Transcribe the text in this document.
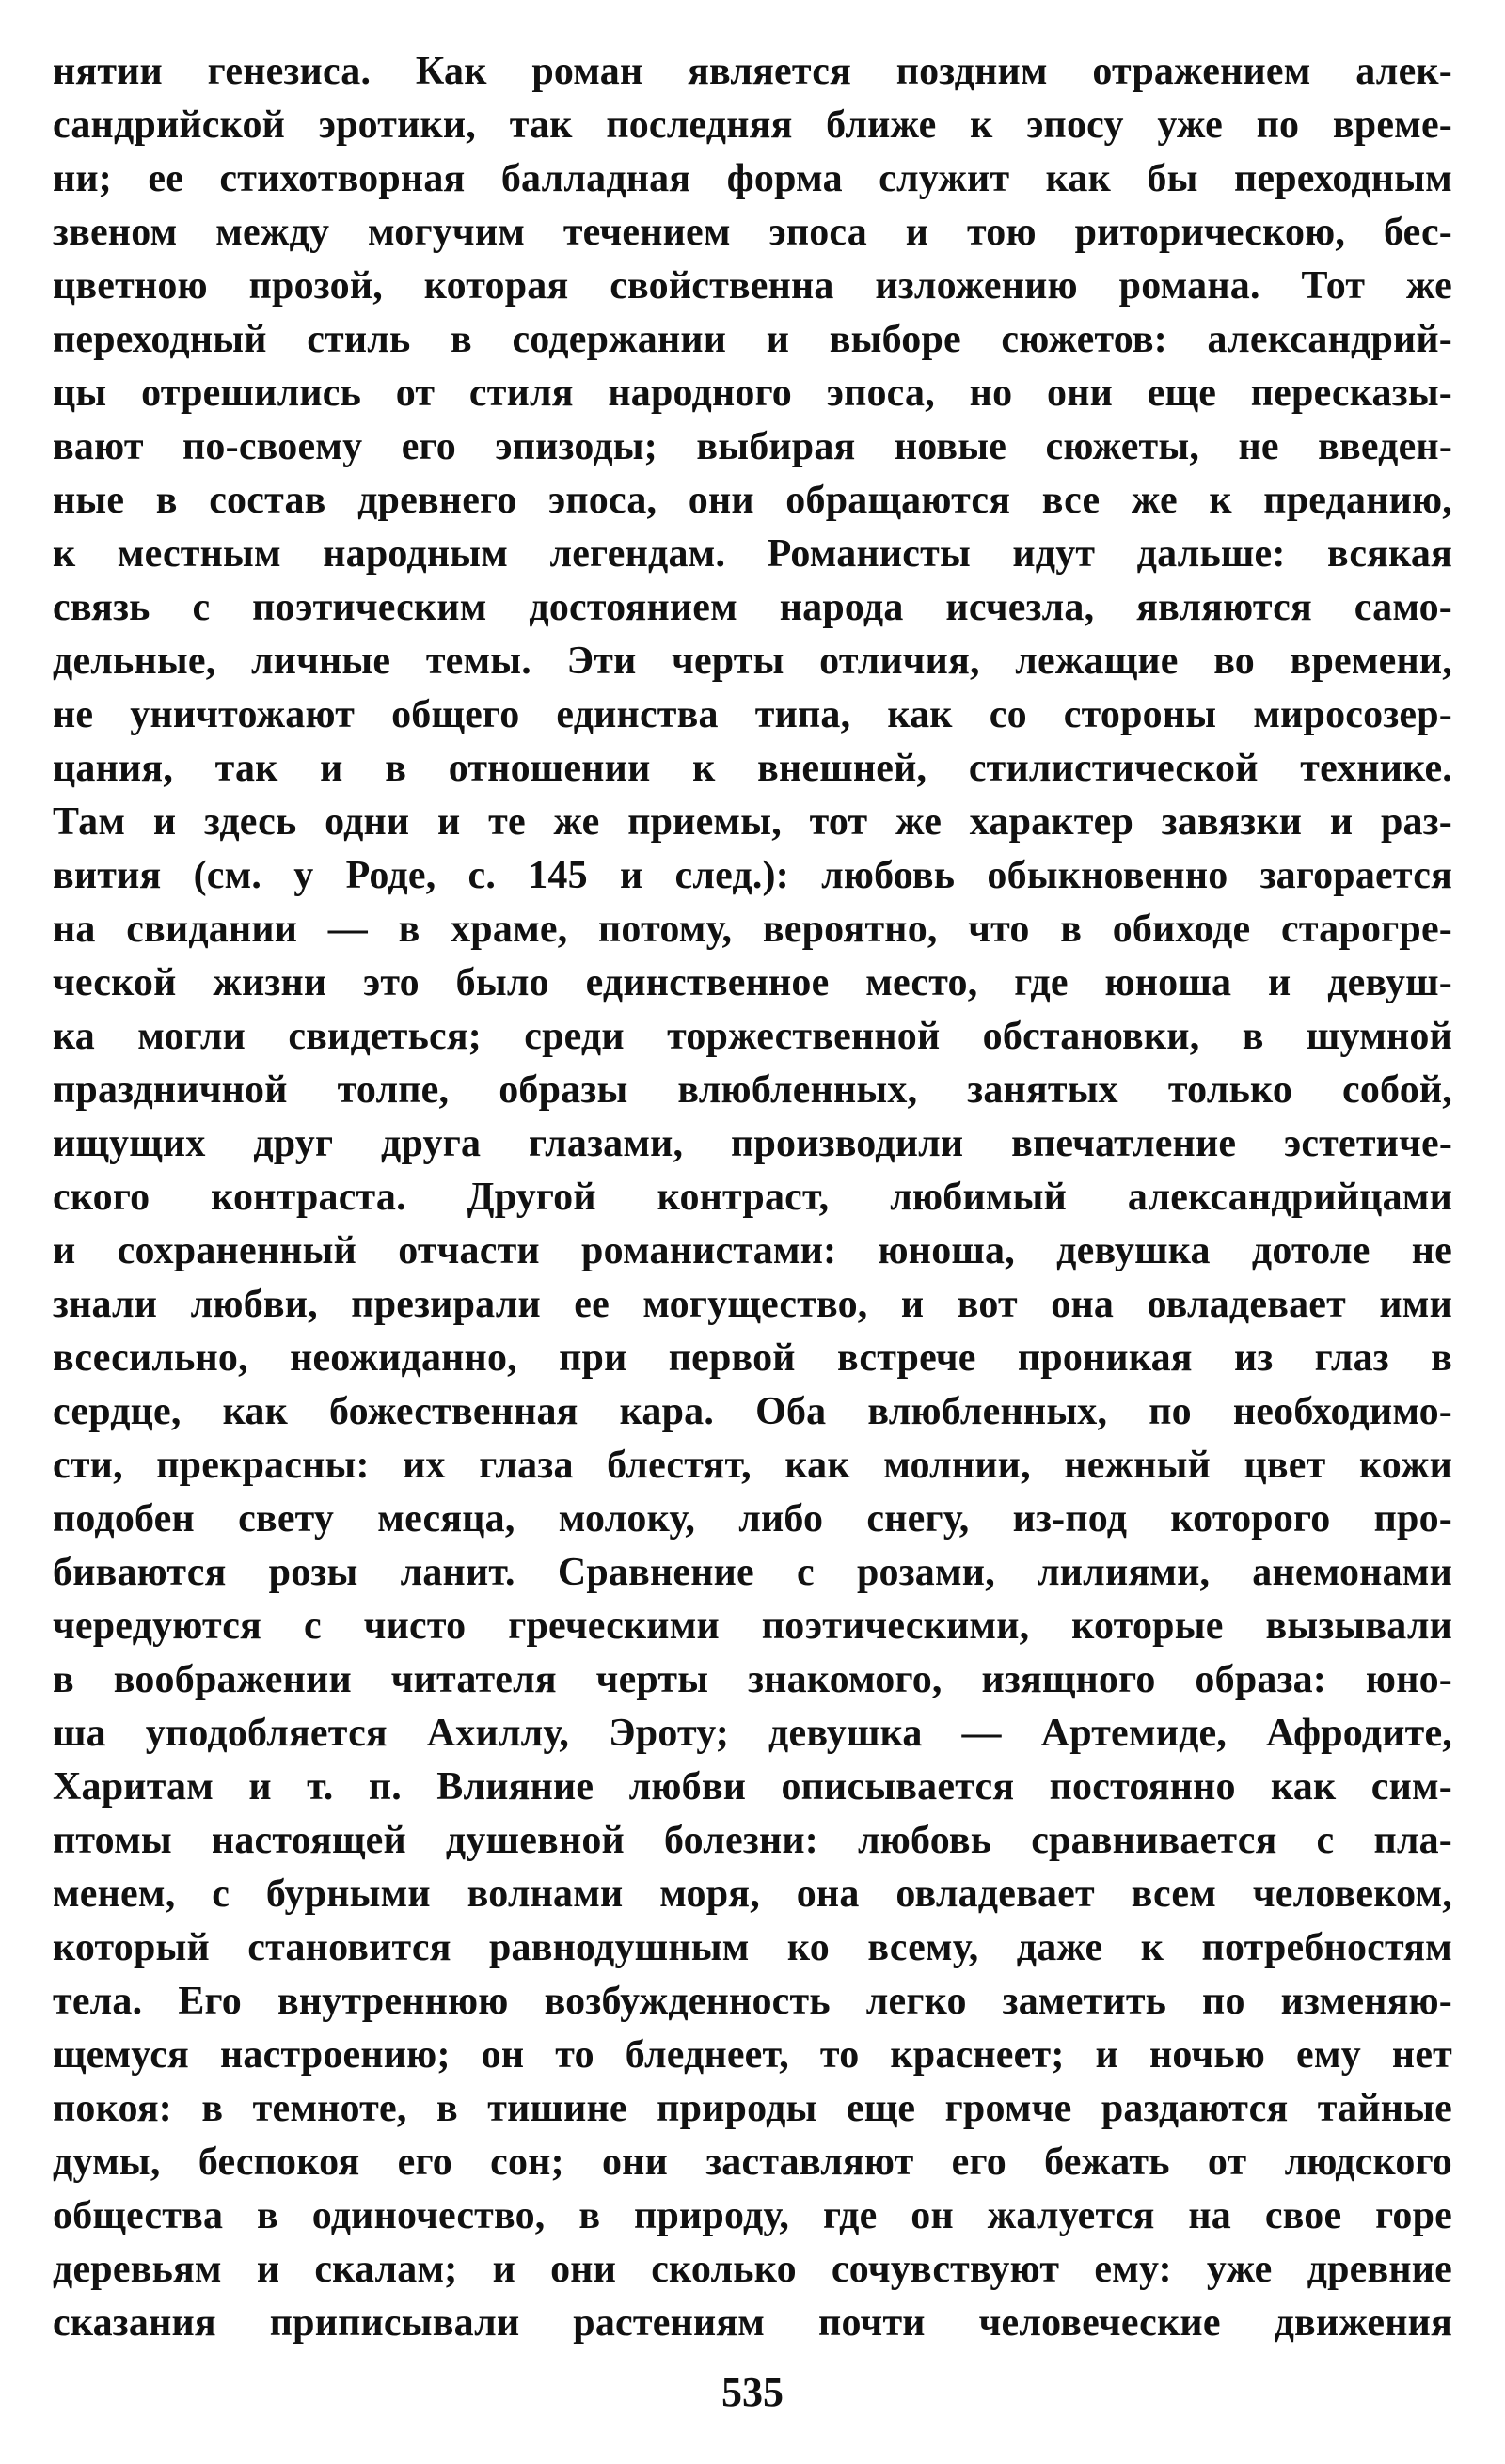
нятии генезиса. Как роман является поздним отражением алек-
сандрийской эротики, так последняя ближе к эпосу уже по време-
ни; ее стихотворная балладная форма служит как бы переходным
звеном между могучим течением эпоса и тою риторическою, бес-
цветною прозой, которая свойственна изложению романа. Тот же
переходный стиль в содержании и выборе сюжетов: александрий-
цы отрешились от стиля народного эпоса, но они еще пересказы-
вают по-своему его эпизоды; выбирая новые сюжеты, не введен-
ные в состав древнего эпоса, они обращаются все же к преданию,
к местным народным легендам. Романисты идут дальше: всякая
связь с поэтическим достоянием народа исчезла, являются само-
дельные, личные темы. Эти черты отличия, лежащие во времени,
не уничтожают общего единства типа, как со стороны миросозер-
цания, так и в отношении к внешней, стилистической технике.
Там и здесь одни и те же приемы, тот же характер завязки и раз-
вития (см. у Роде, с. 145 и след.): любовь обыкновенно загорается
на свидании — в храме, потому, вероятно, что в обиходе старогре-
ческой жизни это было единственное место, где юноша и девуш-
ка могли свидеться; среди торжественной обстановки, в шумной
праздничной толпе, образы влюбленных, занятых только собой,
ищущих друг друга глазами, производили впечатление эстетиче-
ского контраста. Другой контраст, любимый александрийцами
и сохраненный отчасти романистами: юноша, девушка дотоле не
знали любви, презирали ее могущество, и вот она овладевает ими
всесильно, неожиданно, при первой встрече проникая из глаз в
сердце, как божественная кара. Оба влюбленных, по необходимо-
сти, прекрасны: их глаза блестят, как молнии, нежный цвет кожи
подобен свету месяца, молоку, либо снегу, из-под которого про-
биваются розы ланит. Сравнение с розами, лилиями, анемонами
чередуются с чисто греческими поэтическими, которые вызывали
в воображении читателя черты знакомого, изящного образа: юно-
ша уподобляется Ахиллу, Эроту; девушка — Артемиде, Афродите,
Харитам и т. п. Влияние любви описывается постоянно как сим-
птомы настоящей душевной болезни: любовь сравнивается с пла-
менем, с бурными волнами моря, она овладевает всем человеком,
который становится равнодушным ко всему, даже к потребностям
тела. Его внутреннюю возбужденность легко заметить по изменяю-
щемуся настроению; он то бледнеет, то краснеет; и ночью ему нет
покоя: в темноте, в тишине природы еще громче раздаются тайные
думы, беспокоя его сон; они заставляют его бежать от людского
общества в одиночество, в природу, где он жалуется на свое горе
деревьям и скалам; и они сколько сочувствуют ему: уже древние
сказания приписывали растениям почти человеческие движения
535
